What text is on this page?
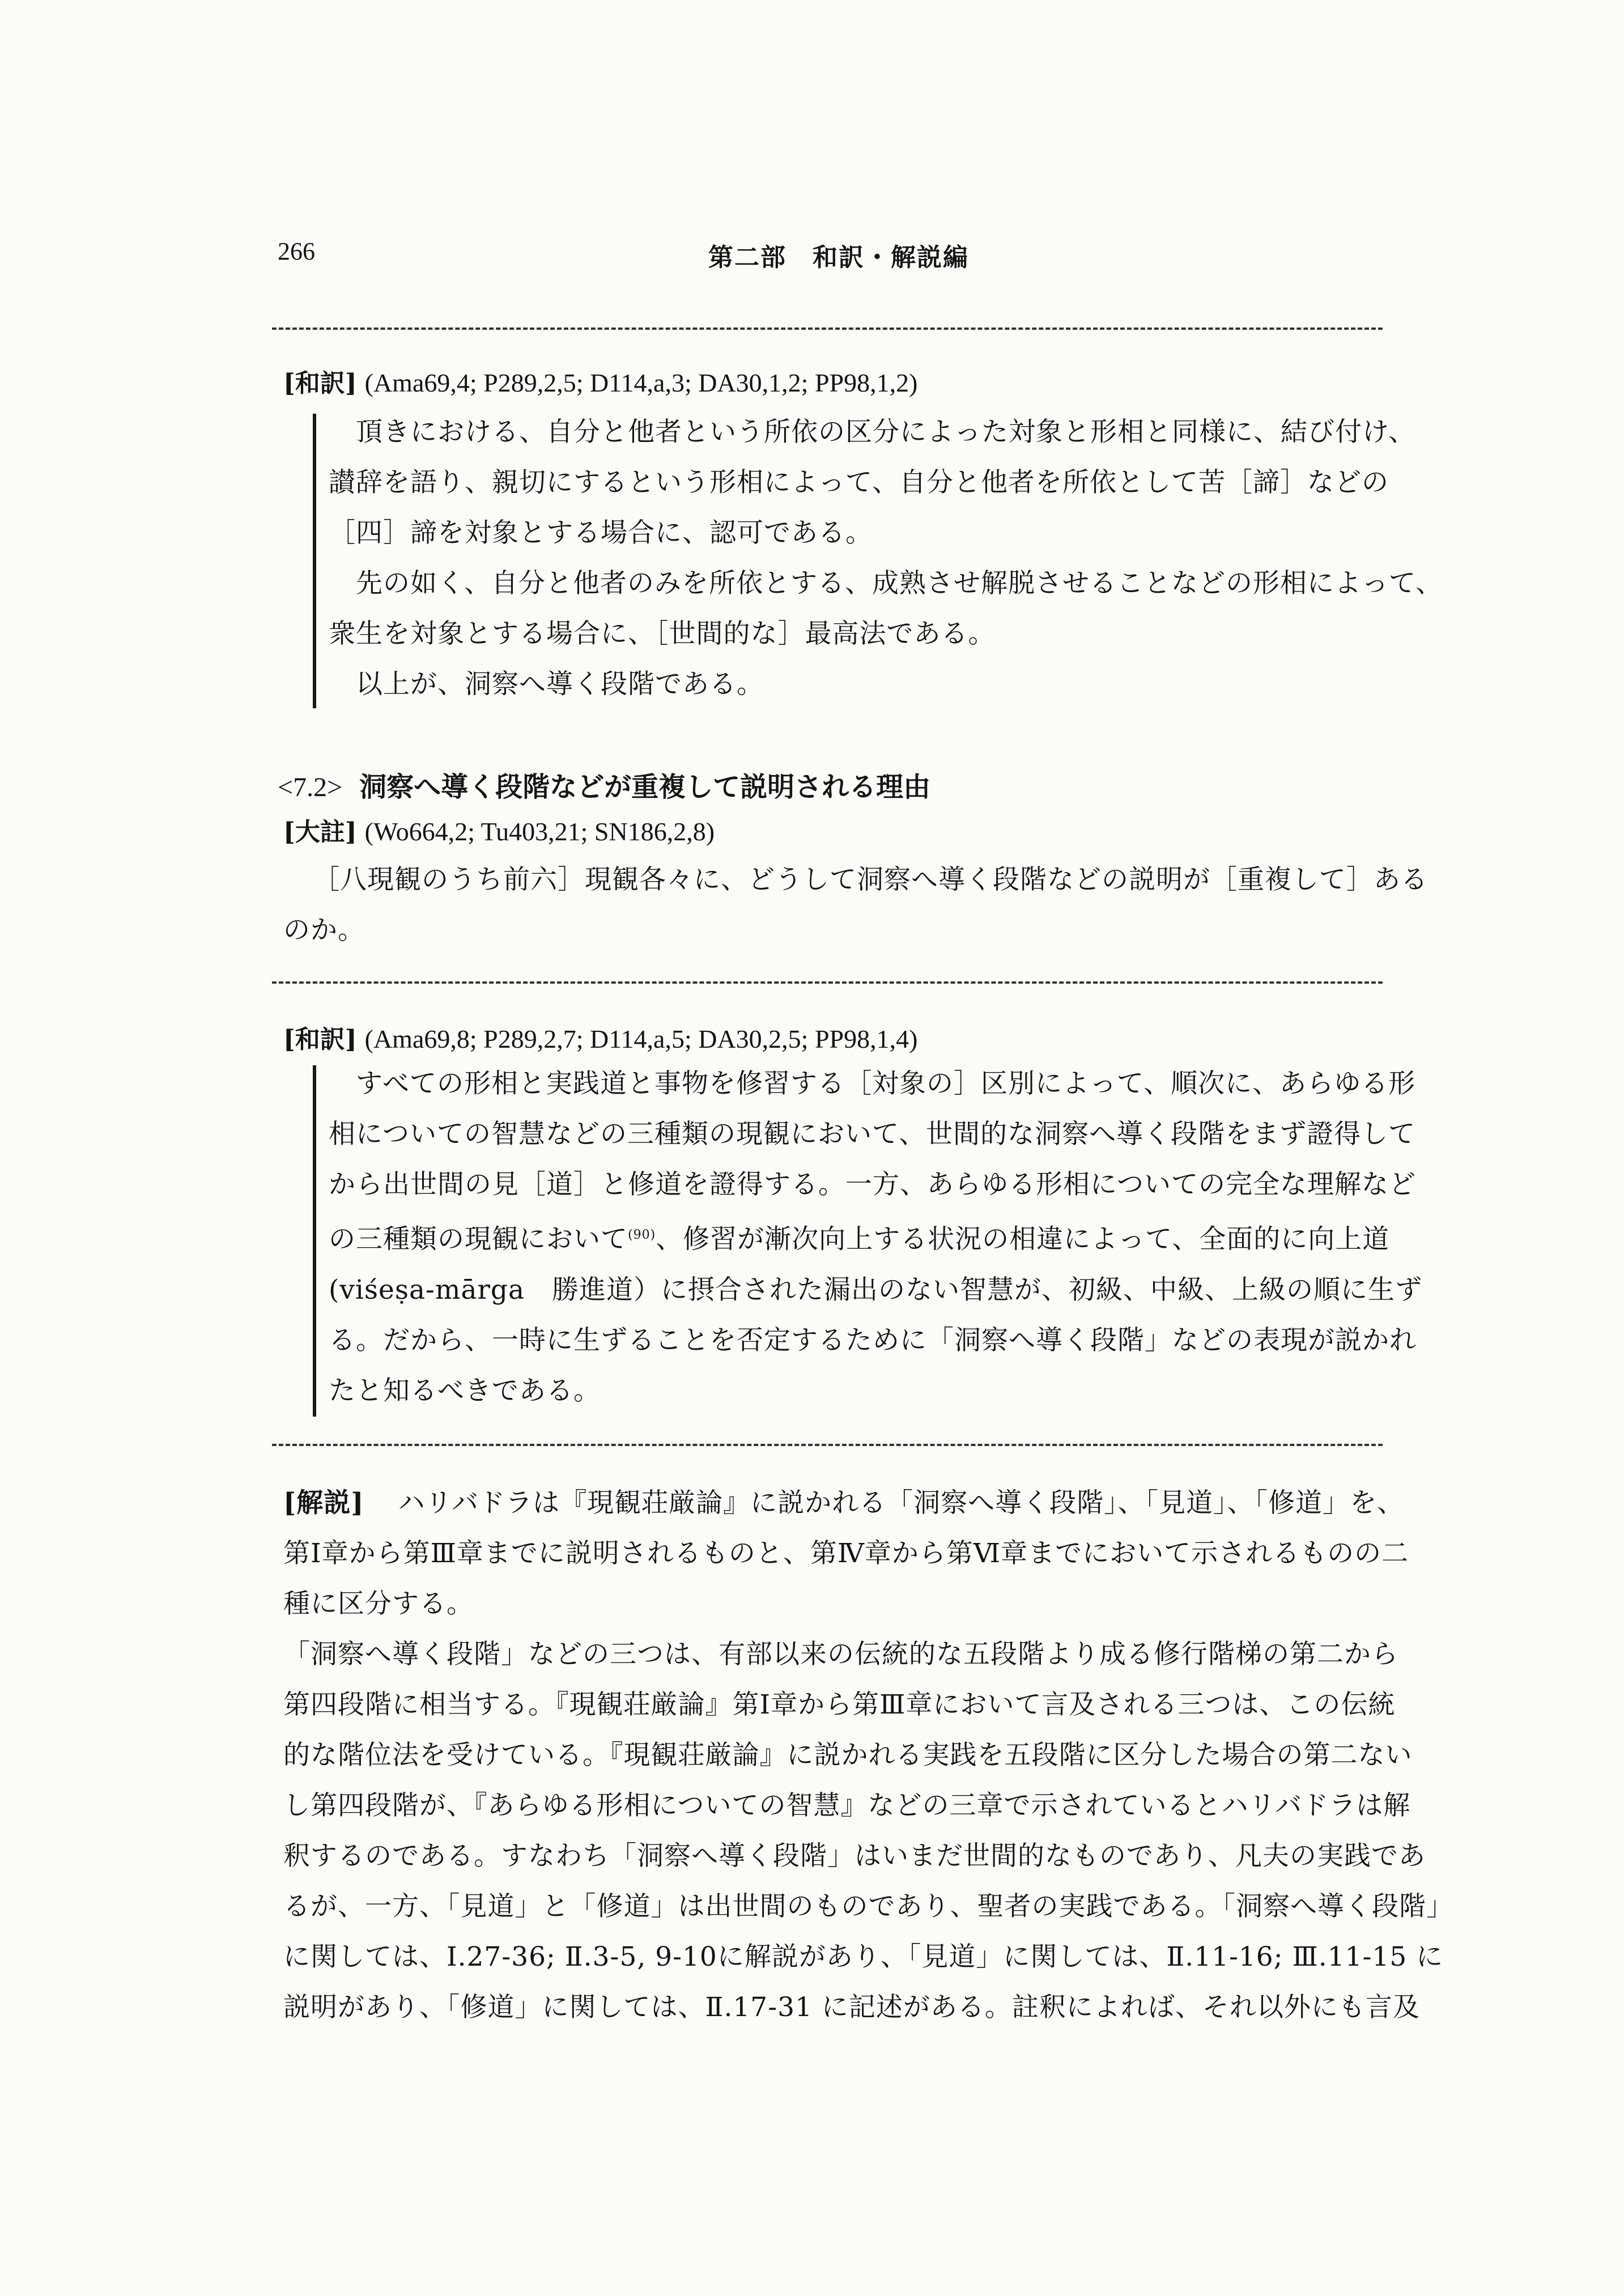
266	第二部　和訳・解説編
[和訳] (Ama69,4; P289,2,5; D114,a,3; DA30,1,2; PP98,1,2)
頂きにおける、自分と他者という所依の区分によった対象と形相と同様に、結び付け、
讃辞を語り、親切にするという形相によって、自分と他者を所依として苦［諦］などの
［四］諦を対象とする場合に、認可である。
先の如く、自分と他者のみを所依とする、成熟させ解脱させることなどの形相によって、
衆生を対象とする場合に、［世間的な］最高法である。
以上が、洞察へ導く段階である。
<7.2> 洞察へ導く段階などが重複して説明される理由
[大註] (Wo664,2; Tu403,21; SN186,2,8)
［八現観のうち前六］現観各々に、どうして洞察へ導く段階などの説明が［重複して］ある
のか。
[和訳] (Ama69,8; P289,2,7; D114,a,5; DA30,2,5; PP98,1,4)
すべての形相と実践道と事物を修習する［対象の］区別によって、順次に、あらゆる形
相についての智慧などの三種類の現観において、世間的な洞察へ導く段階をまず證得して
から出世間の見［道］と修道を證得する。一方、あらゆる形相についての完全な理解など
の三種類の現観において$^{(90)}$、修習が漸次向上する状況の相違によって、全面的に向上道
(viśeṣa-mārga　勝進道）に摂合された漏出のない智慧が、初級、中級、上級の順に生ず
る。だから、一時に生ずることを否定するために「洞察へ導く段階」などの表現が説かれ
たと知るべきである。
[解説] ハリバドラは『現観荘厳論』に説かれる「洞察へ導く段階」、「見道」、「修道」を、
第Ⅰ章から第Ⅲ章までに説明されるものと、第Ⅳ章から第Ⅵ章までにおいて示されるものの二
種に区分する。
「洞察へ導く段階」などの三つは、有部以来の伝統的な五段階より成る修行階梯の第二から
第四段階に相当する。『現観荘厳論』第Ⅰ章から第Ⅲ章において言及される三つは、この伝統
的な階位法を受けている。『現観荘厳論』に説かれる実践を五段階に区分した場合の第二ない
し第四段階が、『あらゆる形相についての智慧』などの三章で示されているとハリバドラは解
釈するのである。すなわち「洞察へ導く段階」はいまだ世間的なものであり、凡夫の実践であ
るが、一方、「見道」と「修道」は出世間のものであり、聖者の実践である。「洞察へ導く段階」
に関しては、Ⅰ.27-36; Ⅱ.3-5, 9-10に解説があり、「見道」に関しては、Ⅱ.11-16; Ⅲ.11-15 に
説明があり、「修道」に関しては、Ⅱ.17-31 に記述がある。註釈によれば、それ以外にも言及
